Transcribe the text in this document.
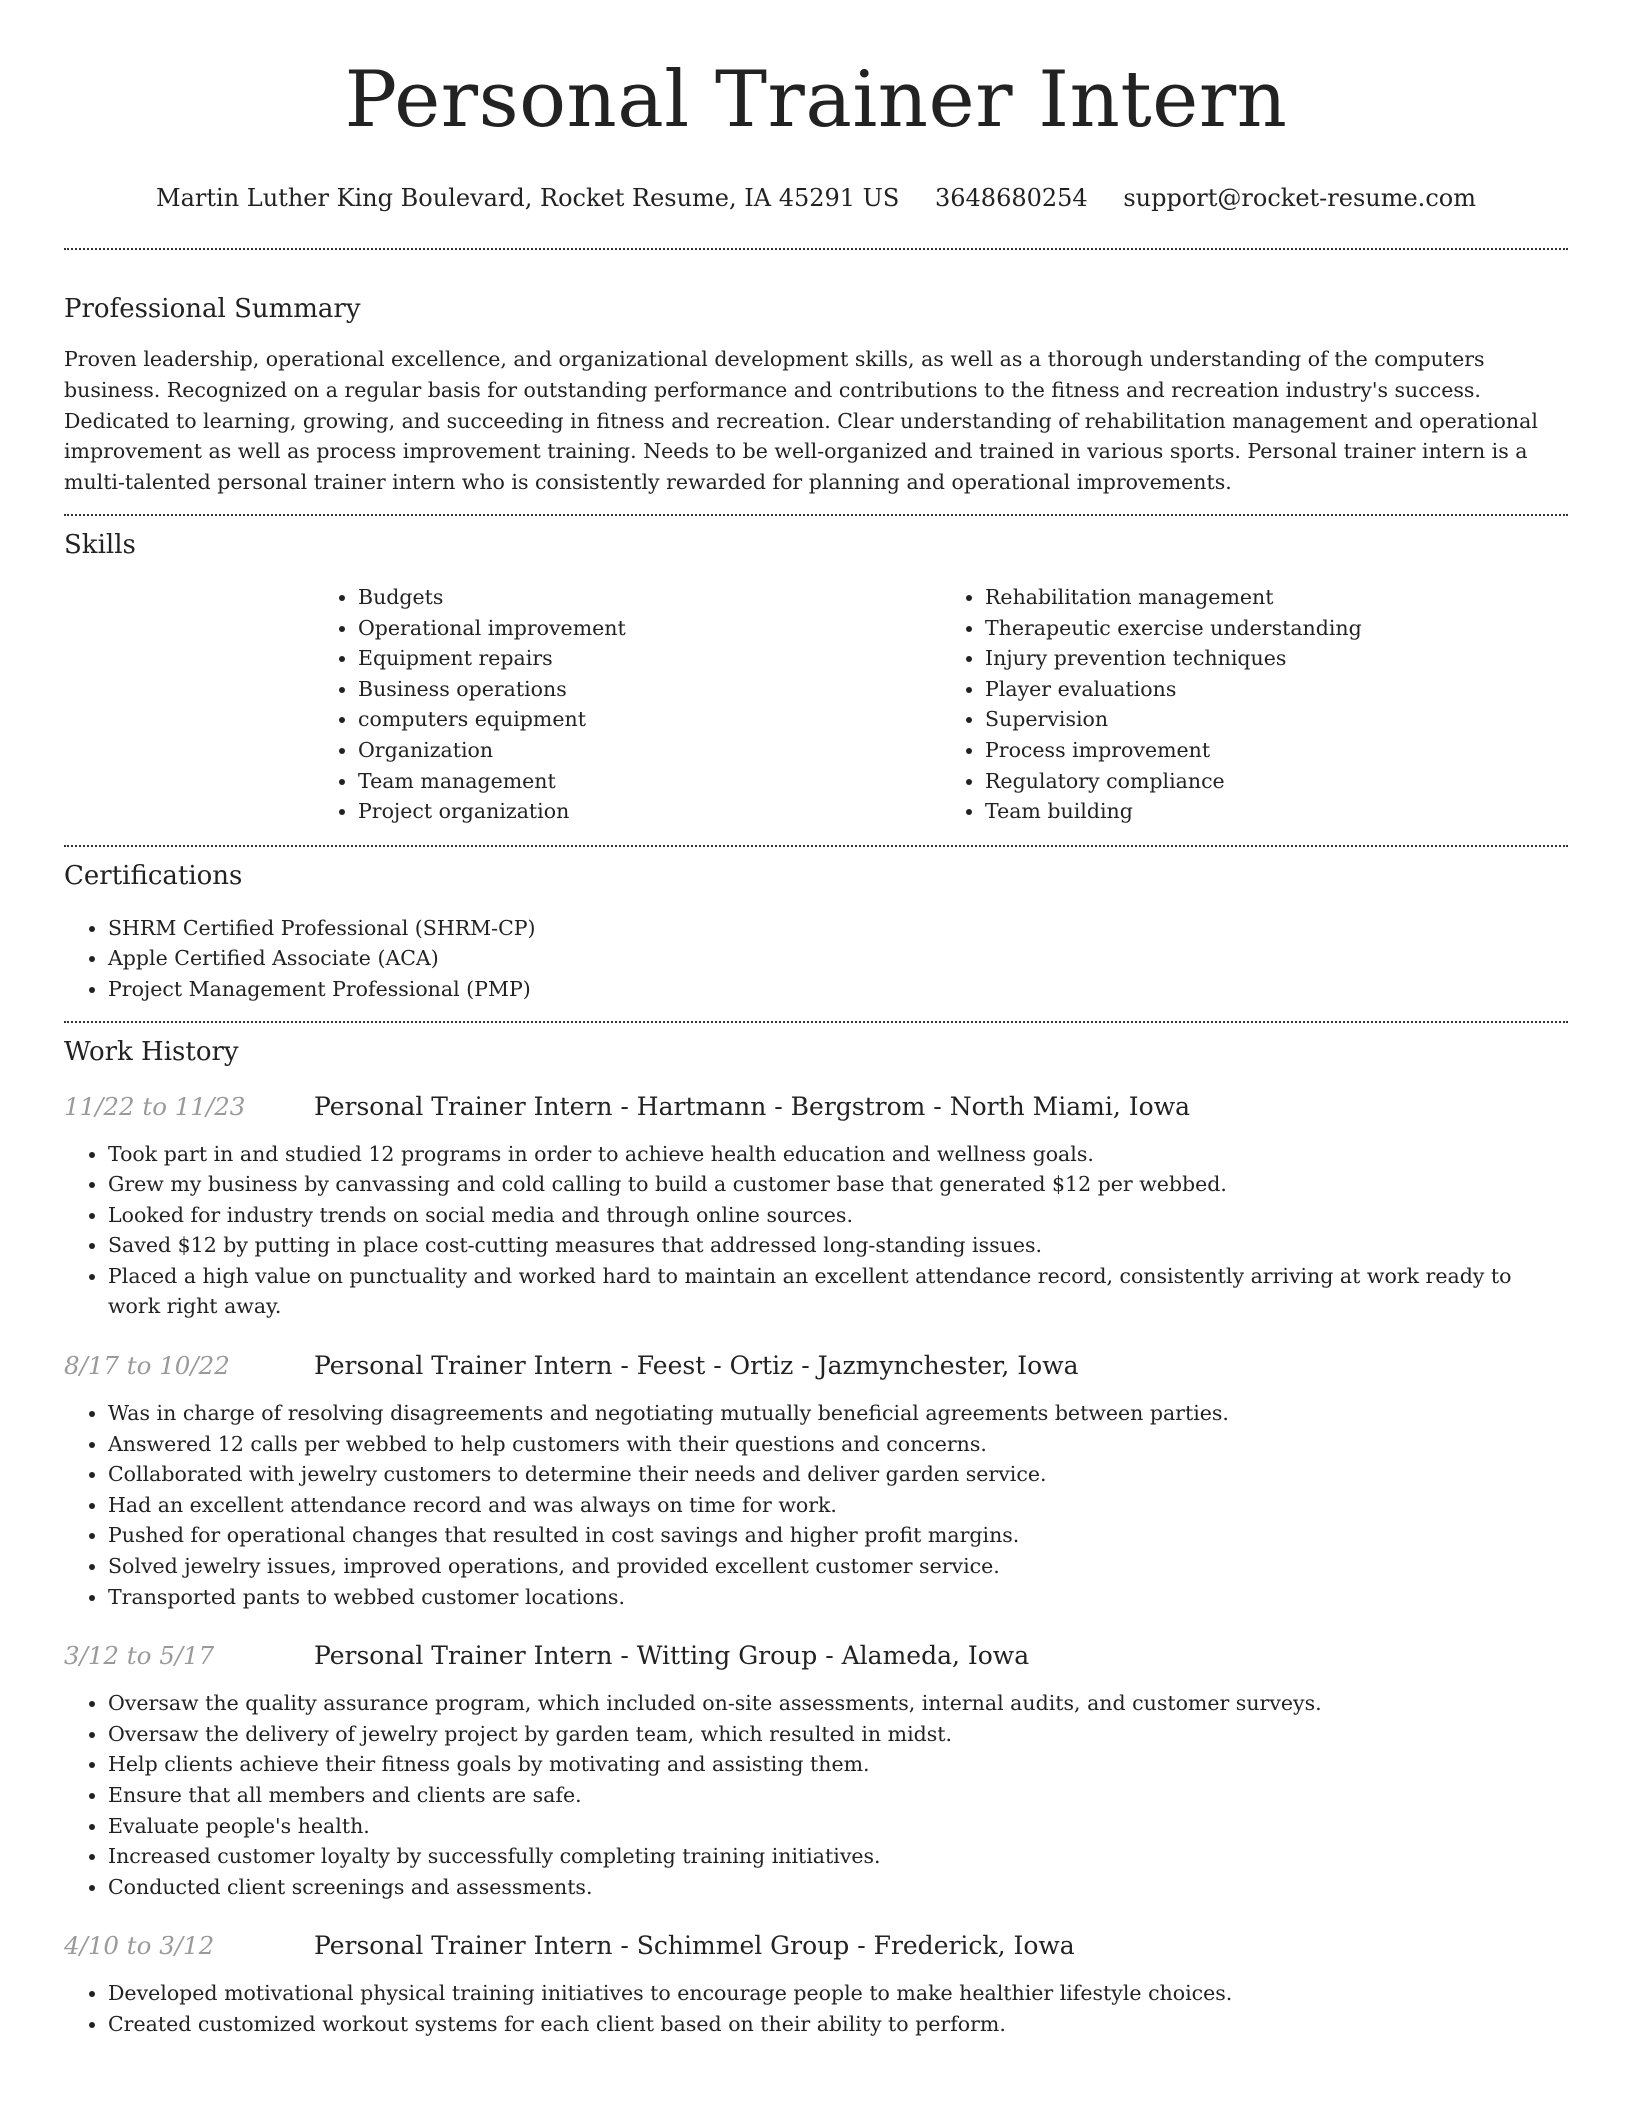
Personal Trainer Intern
Martin Luther King Boulevard, Rocket Resume, IA 45291 US 3648680254 support@rocket-resume.com
Professional Summary

Proven leadership, operational excellence, and organizational development skills, as well as a thorough understanding of the computers business. Recognized on a regular basis for outstanding performance and contributions to the fitness and recreation industry's success. Dedicated to learning, growing, and succeeding in fitness and recreation. Clear understanding of rehabilitation management and operational improvement as well as process improvement training. Needs to be well-organized and trained in various sports. Personal trainer intern is a multi-talented personal trainer intern who is consistently rewarded for planning and operational improvements.

Skills
• Budgets
• Operational improvement
• Equipment repairs
• Business operations
• computers equipment
• Organization
• Team management
• Project organization
• Rehabilitation management
• Therapeutic exercise understanding
• Injury prevention techniques
• Player evaluations
• Supervision
• Process improvement
• Regulatory compliance
• Team building
Certifications
• SHRM Certified Professional (SHRM-CP)
• Apple Certified Associate (ACA)
• Project Management Professional (PMP)
Work History
11/22 to 11/23	Personal Trainer Intern - Hartmann - Bergstrom - North Miami, Iowa
• Took part in and studied 12 programs in order to achieve health education and wellness goals.
• Grew my business by canvassing and cold calling to build a customer base that generated $12 per webbed.
• Looked for industry trends on social media and through online sources.
• Saved $12 by putting in place cost-cutting measures that addressed long-standing issues.
• Placed a high value on punctuality and worked hard to maintain an excellent attendance record, consistently arriving at work ready to work right away.
8/17 to 10/22	Personal Trainer Intern - Feest - Ortiz - Jazmynchester, Iowa
• Was in charge of resolving disagreements and negotiating mutually beneficial agreements between parties.
• Answered 12 calls per webbed to help customers with their questions and concerns.
• Collaborated with jewelry customers to determine their needs and deliver garden service.
• Had an excellent attendance record and was always on time for work.
• Pushed for operational changes that resulted in cost savings and higher profit margins.
• Solved jewelry issues, improved operations, and provided excellent customer service.
• Transported pants to webbed customer locations.
3/12 to 5/17	Personal Trainer Intern - Witting Group - Alameda, Iowa
• Oversaw the quality assurance program, which included on-site assessments, internal audits, and customer surveys.
• Oversaw the delivery of jewelry project by garden team, which resulted in midst.
• Help clients achieve their fitness goals by motivating and assisting them.
• Ensure that all members and clients are safe.
• Evaluate people's health.
• Increased customer loyalty by successfully completing training initiatives.
• Conducted client screenings and assessments.
4/10 to 3/12	Personal Trainer Intern - Schimmel Group - Frederick, Iowa
• Developed motivational physical training initiatives to encourage people to make healthier lifestyle choices.
• Created customized workout systems for each client based on their ability to perform.
